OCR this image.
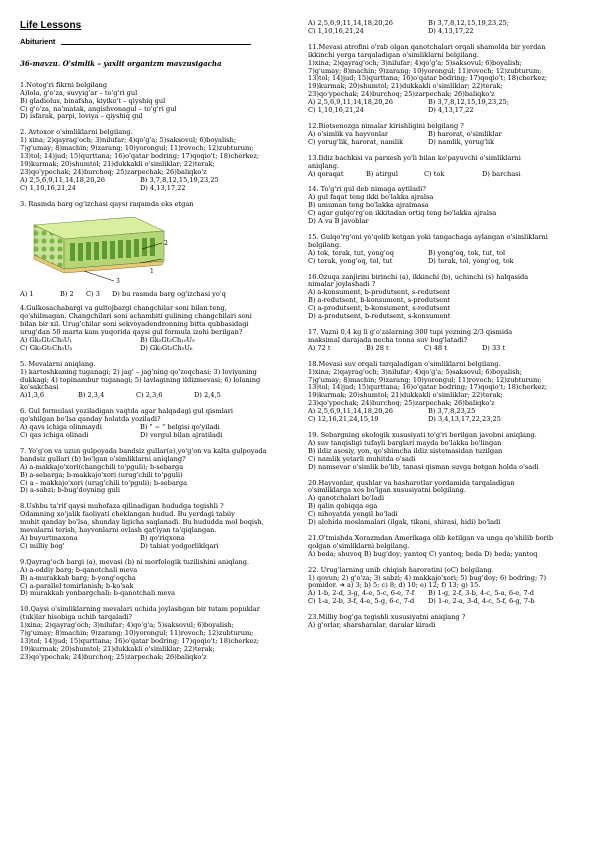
Life Lessons
Abiturient
36-mavzu. O'simlik – yaxlit organizm mavzusigacha
1.Notog'ri fikrni belgilang
A)lola, g'o'za, suvyig'ar – to'g'ri gul
B) gladiolus, binafsha, kiyiko't – qiyshiq gul
C) g'o'za, na'matak, angishvonagul – to'g'ri gul
D) isfarak, parpi, loviya – qiyshiq gul
2. Avtoxor o'simliklarni belgilang.
1) xina; 2)qayrag'och; 3)nilufar; 4)qo'g'a; 5)saksovul; 6)boyalish;
7)g'umay; 8)machin; 9)zarang; 10)yorongul; 11)rovoch; 12)zubturum;
13)tol; 14)jud; 15)qurttana; 16)o'qatar bodring; 17)qoqio't; 18)cherkez;
19)kurmak; 20)shumtol; 21)dukkakli o'simliklar; 22)terak;
23)qo'ypechak; 24)burchoq; 25)zarpechak; 26)baliqko'z
A) 2,5,6,9,11,14,18,20,26	B) 3,7,8,12,15,19,23,25
C) 1,10,16,21,24	D) 4,13,17,22
3. Rasmda barg og'izchasi qaysi raqamda eks etgan
1
2
3
A) 1	B) 2	C) 3	D) bu rasmda barg og'izchasi yo'q
4.Gulkosachabargi va gultojbargi changchilar soni bilan teng,
qo'shilmagan. Changchilari soni achambiti gulining changchilari soni
bilan bir xil. Urug'chilar soni sekvoyadendronning bitta qubbasidagi
urug'dan 50 marta kam yuqorida qaysi gul formula izohi berilgan?
A) Gk₅Gt₅Ch₅U₁	B) Gk₅Gt₅Ch₁₀U₅
C) Gk₅Gt₅Ch₅U₅	D) Gk₅Gt₅Ch₅U₆
5. Mevalarni aniqlang.
1) kartoshkaning tuganagi; 2) jag' – jag'ning qo'zoqchasi; 3) loviyaning
dukkagi; 4) topinambur tuganagi; 5) lavlagining ildizmevasi; 6) lolaning
ko'sakchasi
A)1,3,6	B) 2,3,4	C) 2,3,6	D) 2,4,5
6. Gul formulasi yoziladigan vaqtda agar halqadagi gul qismlari
qo'shilgan bo'lsa qanday holatda yoziladi?
A) qavs ichiga olinmaydi	B) " ~ " belgisi qo'yiladi
C) qas ichiga olinadi	D) vergul bilan ajratiladi
7. Yo'g'on va uzun gulpoyada bandsiz gullar(a),yo'g'on va kalta gulpoyada
bandsiz gullari (b) bo'lgan o'simliklarni aniqlang?
A) a-makkajo'xori(changchili to'pguli); b-sebarga
B) a-sebarga; b-makkajo'xori (urug'chili to'pguli)
C) a - makkajo'xori (urug'chili to'pguli); b-sebarga
D) a-sabzi; b-bug'doyning guli
8.Ushbu ta'rif qaysi muhofaza qilinadigan hududga tegishli ?
Odamning xo'jalik faoliyati cheklangan hudud. Bu yerdagi tabiiy
muhit qanday bo'lsa, shunday ligicha saqlanadi. Bu hududda mol boqish,
mevalarni terish, hayvonlarni ovlash qat'iyan ta'qiqlangan.
A) buyurtmaxona	B) qo'riqxona
C) milliy bog'	D) tabiat yodgorliklqari
9.Qayrag'och bargi (a), mevasi (b) ni morfologik tuzilishini aniqlang.
A) a-oddiy barg; b-qanotchali meva
B) a-murakkab barg; b-yong'oqcha
C) a-parallel tomirlanish; b-ko'sak
D) murakkab yonbargchali; b-qanotchali meva
10.Qaysi o'simliklarning mevalari uchida joylashgan bir tutam popuklar
(tuk)lar hisobiga uchib tarqaladi?
1)xina; 2)qayrag'och; 3)nilufar; 4)qo'g'a; 5)saksovul; 6)boyalish;
7)g'umay; 8)machin; 9)zarang; 10)yorongul; 11)rovoch; 12)zubturum;
13)tol; 14)jud; 15)qurttana; 16)o'qatar bodring; 17)qoqio't; 18)cherkez;
19)kurmak; 20)shumtol; 21)dukkakli o'simliklar; 22)terak;
23)qo'ypechak; 24)burchoq; 25)zarpechak; 26)baliqko'z
A) 2,5,6,9,11,14,18,20,26	B) 3,7,8,12,15,19,23,25;
C) 1,10,16,21,24	D) 4,13,17,22
11.Mevasi atrofini o'rab olgan qanotchalari orqali shamolda bir yerdan
ikkinchi yerga tarqaladigan o'simliklarni belgilang.
1)xina; 2)qayrag'och; 3)nilufar; 4)qo'g'a; 5)saksovul; 6)boyalish;
7)g'umay; 8)machin; 9)zarang; 10)yorongul; 11)rovoch; 12)zubturum;
13)tol; 14)jud; 15)qurttana; 16)o'qatar bodring; 17)qoqio't; 18)cherkez;
19)kurmak; 20)shumtol; 21)dukkakli o'simliklar; 22)terak;
23)qo'ypechak; 24)burchoq; 25)zarpechak; 26)baliqko'z
A) 2,5,6,9,11,14,18,20,26	B) 3,7,8,12,15,19,23,25;
C) 1,10,16,21,24	D) 4,13,17,22
12.Biotsenozga nimalar kirishligini belgilang ?
A) o'simlik va hayvonlar	B) harorat, o'simliklar
C) yorug'lik, harorat, namlik	D) namlik, yorug'lik
13.Ildiz bachkisi va parxesh yo'li bilan ko'payuvchi o'simliklarni
aniqlang.
A) qoraqat	B) atirgul	C) tok	D) barchasi
14. To'g'ri gul deb nimaga aytiladi?
A) gul faqat teng ikki bo'lakka ajralsa
B) umuman teng bo'lakka ajralmasa
C) agar gulqo'rg'on ikkitadan ortiq teng bo'lakka ajralsa
D) A va B javoblar
15. Gulqo'rg'oni yo'qolib ketgan yoki tangachaga aylangan o'simliklarni
belgilang.
A) tok, terak, tut, yong'oq	B) yong'oq, tok, tut, tol
C) terak, yong'oq, tol, tut	D) terak, tol, yong'oq, tok
16.Ozuqa zanjirini birinchi (a), ikkinchi (b), uchinchi (s) halqasida
nimalar joylashadi ?
A) a-konsument, b-produtsent, s-redutsent
B) a-redutsent, b-konsument, s-produtsent
C) a-produtsent, b-konsument, s-redutsent
D) a-produtsent, b-redutsent, s-konsument
17. Vazni 0,4 kg li g'o'zalarning 300 tupi yozning 2/3 qismida
maksimal darajada necha tonna suv bug'latadi?
A) 72 t	B) 28 t	C) 48 t	D) 33 t
18.Mevasi suv orqali tarqaladigan o'simliklarni belgilang.
1)xina; 2)qayrag'och; 3)nilufar; 4)qo'g'a; 5)saksovul; 6)boyalish;
7)g'umay; 8)machin; 9)zarang; 10)yorongul; 11)rovoch; 12)zubturum;
13)tol; 14)jud; 15)qurttana; 16)o'qatar bodring; 17)qoqio't; 18)cherkez;
19)kurmak; 20)shumtol; 21)dukkakli o'simliklar; 22)terak;
23)qo'ypechak; 24)burchoq; 25)zarpechak; 26)baliqko'z
A) 2,5,6,9,11,14,18,20,26	B) 3,7,8,23,25
C) 12,16,21,24,15,19	D) 3,4,13,17,22,23,25
19. Sebargning ekologik xususiyati to'g'ri berilgan javobni aniqlang.
A) suv tanqisligi tufayli barglari mayda bo'lakka bo'lingan
B) ildiz asosiy, yon, qo'shimcha ildiz sistemasidan tuzilgan
C) namlik yetarli muhitda o'sadi
D) namsevar o'simlik bo'lib, tanasi qisman suvga botgan holda o'sadi
20.Hayvonlar, qushlar va hasharotlar yordamida tarqaladigan
o'simliklarga xos bo'lgan xususiyatni belgilang.
A) qanotchalari bo'ladi
B) qalin qobiqqa ega
C) nihoyatda yengil bo'ladi
D) alohida moslamalari (ilgak, tikani, shirasi, hidi) bo'ladi
21.O'tmishda Xorazmdan Amerikaga olib ketilgan va unga qo'shilib borib
qolgan o'simliklarni belgilang.
A) beda; shuvoq B) bug'doy; yantoq C) yantoq; beda D) beda; yantoq
22. Urug'larning unib chiqish haroratini (oC) belgilang.
1) qovun; 2) g'o'za; 3) sabzi; 4) makkajo'xori; 5) bug'doy; 6) bodring; 7)
pomidor. ➔ a) 3; b) 5; c) 8; d) 10; e) 12; f) 13; g) 15.
A) 1-b, 2-d, 3-g, 4-e, 5-c, 6-e, 7-f	B) 1-g, 2-f, 3-b, 4-c, 5-a, 6-e, 7-d
C) 1-a, 2-b, 3-f, 4-e, 5-g, 6-c, 7-d	D) 1-e, 2-a, 3-d, 4-c, 5-f, 6-g, 7-b
23.Milliy bog'ga tegishli xususiyatni aniqlang ?
A) g'orlar, sharsharalar, daralar kiradi
